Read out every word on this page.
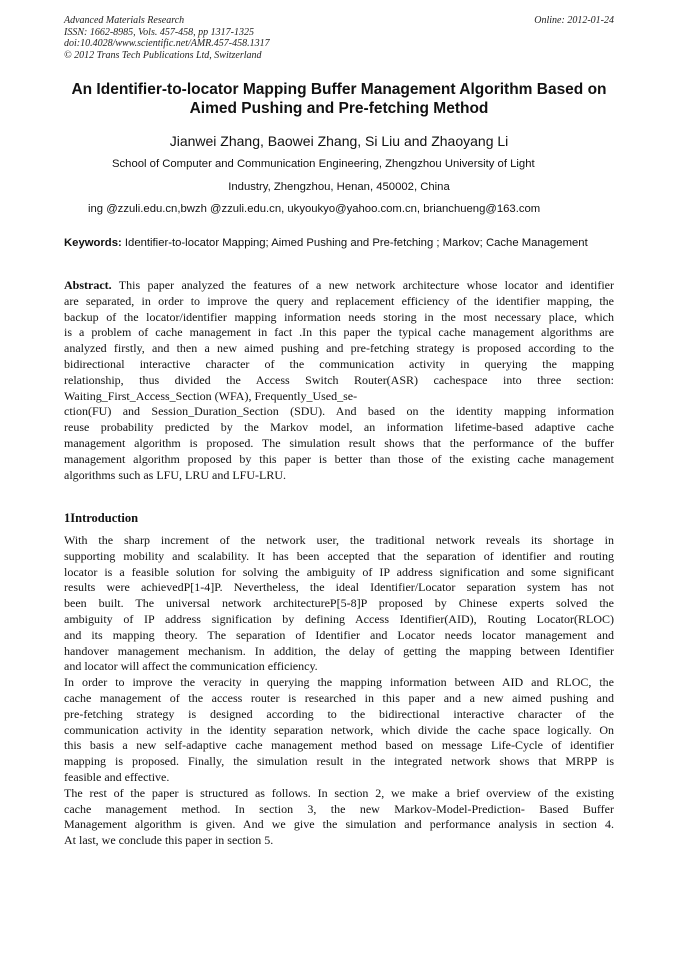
Advanced Materials Research
ISSN: 1662-8985, Vols. 457-458, pp 1317-1325
doi:10.4028/www.scientific.net/AMR.457-458.1317
© 2012 Trans Tech Publications Ltd, Switzerland
Online: 2012-01-24
An Identifier-to-locator Mapping Buffer Management Algorithm Based on
Aimed Pushing and Pre-fetching Method
Jianwei Zhang, Baowei Zhang, Si Liu and Zhaoyang Li
School of Computer and Communication Engineering, Zhengzhou University of Light
Industry, Zhengzhou, Henan, 450002, China
ing @zzuli.edu.cn,bwzh @zzuli.edu.cn, ukyoukyo@yahoo.com.cn, brianchueng@163.com
Keywords: Identifier-to-locator Mapping; Aimed Pushing and Pre-fetching ; Markov; Cache Management
Abstract. This paper analyzed the features of a new network architecture whose locator and identifier
are separated, in order to improve the query and replacement efficiency of the identifier mapping, the
backup of the locator/identifier mapping information needs storing in the most necessary place, which
is a problem of cache management in fact .In this paper the typical cache management algorithms are
analyzed firstly, and then a new aimed pushing and pre-fetching strategy is proposed according to the
bidirectional interactive character of the communication activity in querying the mapping
relationship, thus divided the Access Switch Router(ASR) cachespace into three section:
Waiting_First_Access_Section (WFA), Frequently_Used_se-
ction(FU) and Session_Duration_Section (SDU). And based on the identity mapping information
reuse probability predicted by the Markov model, an information lifetime-based adaptive cache
management algorithm is proposed. The simulation result shows that the performance of the buffer
management algorithm proposed by this paper is better than those of the existing cache management
algorithms such as LFU, LRU and LFU-LRU.
1Introduction
With the sharp increment of the network user, the traditional network reveals its shortage in
supporting mobility and scalability. It has been accepted that the separation of identifier and routing
locator is a feasible solution for solving the ambiguity of IP address signification and some significant
results were achievedP[1-4]P. Nevertheless, the ideal Identifier/Locator separation system has not
been built. The universal network architectureP[5-8]P proposed by Chinese experts solved the
ambiguity of IP address signification by defining Access Identifier(AID), Routing Locator(RLOC)
and its mapping theory. The separation of Identifier and Locator needs locator management and
handover management mechanism. In addition, the delay of getting the mapping between Identifier
and locator will affect the communication efficiency.
In order to improve the veracity in querying the mapping information between AID and RLOC, the
cache management of the access router is researched in this paper and a new aimed pushing and
pre-fetching strategy is designed according to the bidirectional interactive character of the
communication activity in the identity separation network, which divide the cache space logically. On
this basis a new self-adaptive cache management method based on message Life-Cycle of identifier
mapping is proposed. Finally, the simulation result in the integrated network shows that MRPP is
feasible and effective.
The rest of the paper is structured as follows. In section 2, we make a brief overview of the existing
cache management method. In section 3, the new Markov-Model-Prediction- Based Buffer
Management algorithm is given. And we give the simulation and performance analysis in section 4.
At last, we conclude this paper in section 5.
